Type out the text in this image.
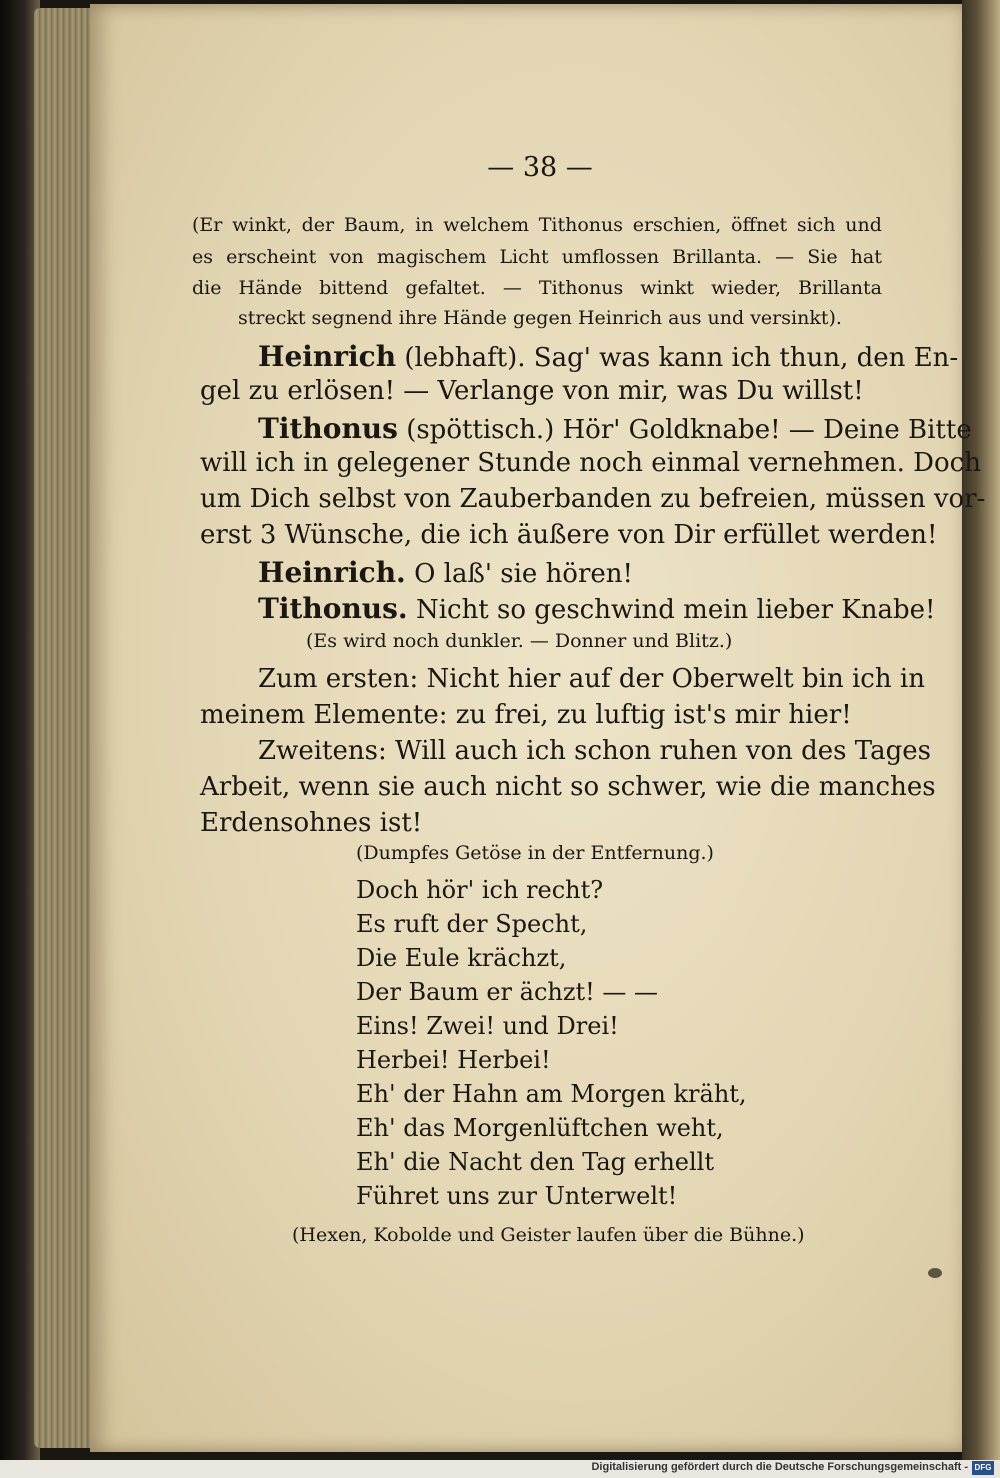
— 38 —
(Er winkt, der Baum, in welchem Tithonus erschien, öffnet sich und
es erscheint von magischem Licht umflossen Brillanta. — Sie hat
die Hände bittend gefaltet. — Tithonus winkt wieder, Brillanta
streckt segnend ihre Hände gegen Heinrich aus und versinkt).
Heinrich (lebhaft). Sag' was kann ich thun, den En-
gel zu erlösen! — Verlange von mir, was Du willst!
Tithonus (spöttisch.) Hör' Goldknabe! — Deine Bitte
will ich in gelegener Stunde noch einmal vernehmen. Doch
um Dich selbst von Zauberbanden zu befreien, müssen vor-
erst 3 Wünsche, die ich äußere von Dir erfüllet werden!
Heinrich. O laß' sie hören!
Tithonus. Nicht so geschwind mein lieber Knabe!
(Es wird noch dunkler. — Donner und Blitz.)
Zum ersten: Nicht hier auf der Oberwelt bin ich in
meinem Elemente: zu frei, zu luftig ist's mir hier!
Zweitens: Will auch ich schon ruhen von des Tages
Arbeit, wenn sie auch nicht so schwer, wie die manches
Erdensohnes ist!
(Dumpfes Getöse in der Entfernung.)
Doch hör' ich recht?
Es ruft der Specht,
Die Eule krächzt,
Der Baum er ächzt! — —
Eins! Zwei! und Drei!
Herbei! Herbei!
Eh' der Hahn am Morgen kräht,
Eh' das Morgenlüftchen weht,
Eh' die Nacht den Tag erhellt
Führet uns zur Unterwelt!
(Hexen, Kobolde und Geister laufen über die Bühne.)
Digitalisierung gefördert durch die Deutsche Forschungsgemeinschaft - DFG
